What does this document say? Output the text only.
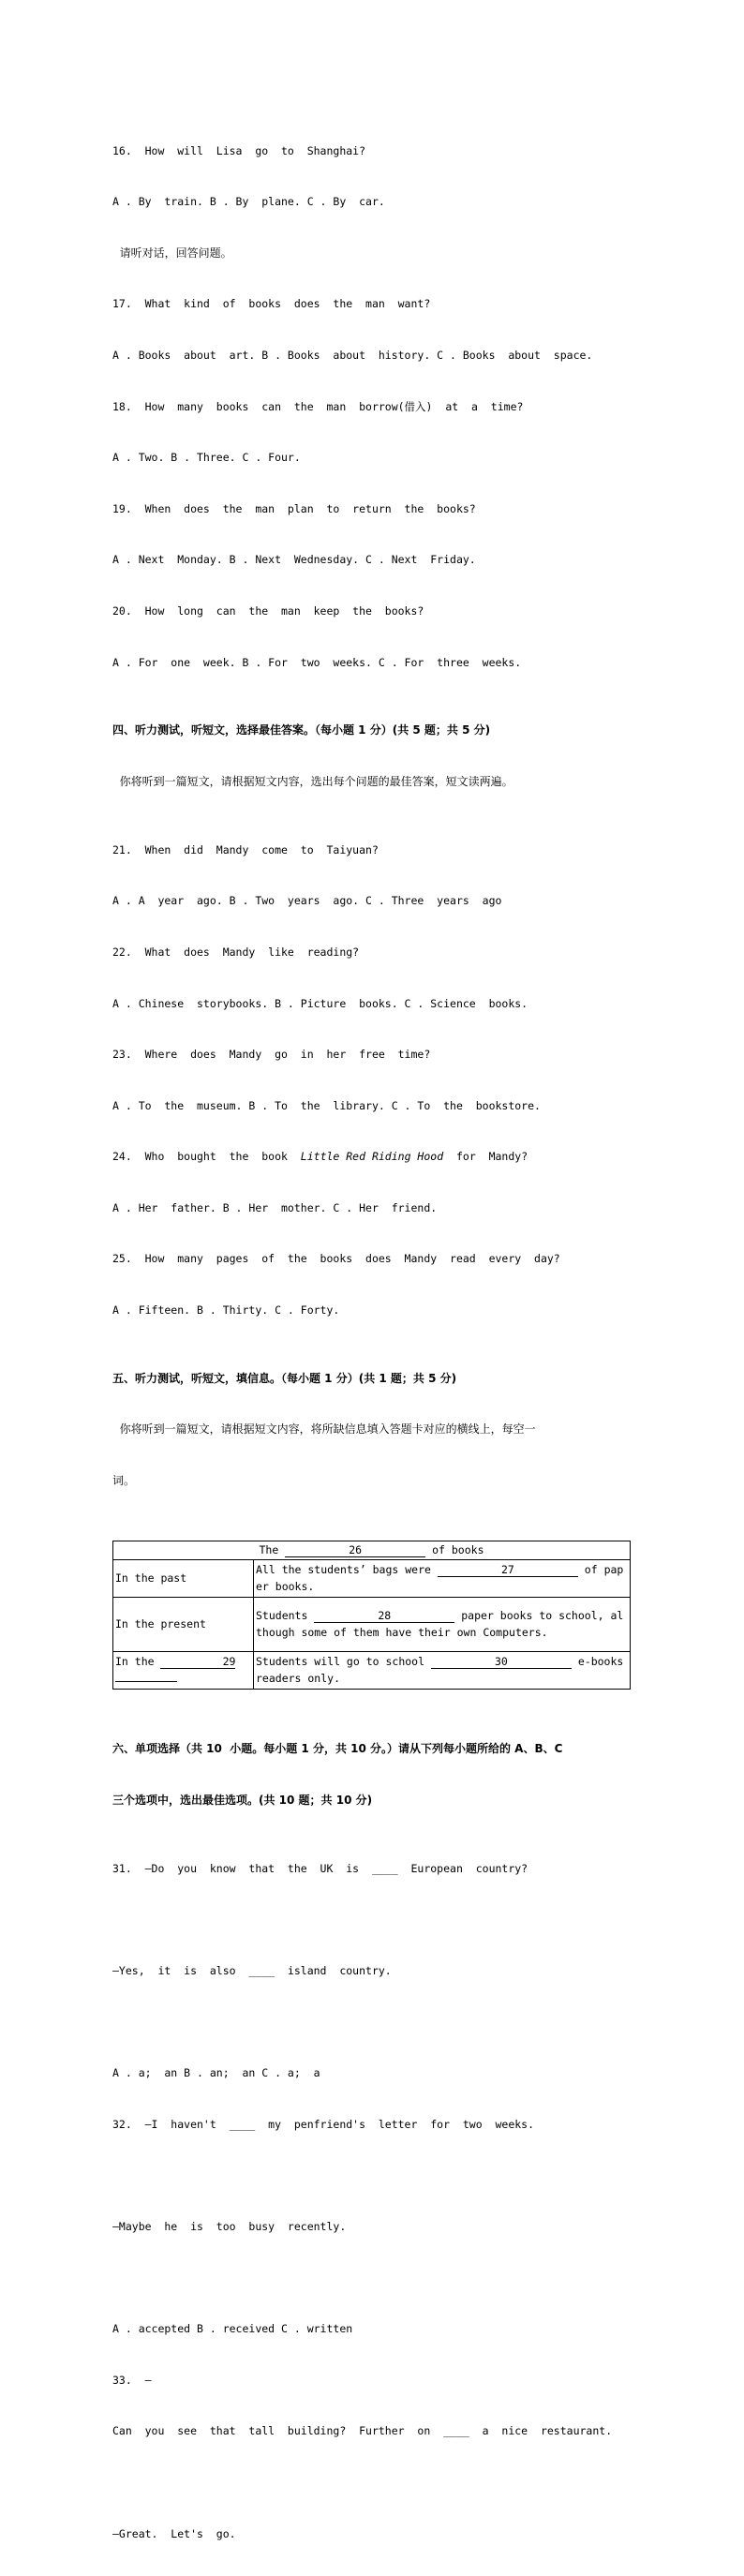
16.  How  will  Lisa  go  to  Shanghai?

A . By  train. B . By  plane. C . By  car.

请听对话，回答问题。

17.  What  kind  of  books  does  the  man  want?

A . Books  about  art. B . Books  about  history. C . Books  about  space.

18.  How  many  books  can  the  man  borrow(借入)  at  a  time?

A . Two. B . Three. C . Four.

19.  When  does  the  man  plan  to  return  the  books?

A . Next  Monday. B . Next  Wednesday. C . Next  Friday.

20.  How  long  can  the  man  keep  the  books?

A . For  one  week. B . For  two  weeks. C . For  three  weeks.

四、听力测试，听短文，选择最佳答案。（每小题 1 分）(共 5 题；共 5 分)

你将听到一篇短文，请根据短文内容，选出每个问题的最佳答案，短文读两遍。

21.  When  did  Mandy  come  to  Taiyuan?

A . A  year  ago. B . Two  years  ago. C . Three  years  ago

22.  What  does  Mandy  like  reading?

A . Chinese  storybooks. B . Picture  books. C . Science  books.

23.  Where  does  Mandy  go  in  her  free  time?

A . To  the  museum. B . To  the  library. C . To  the  bookstore.

24.  Who  bought  the  book  Little Red Riding Hood  for  Mandy?

A . Her  father. B . Her  mother. C . Her  friend.

25.  How  many  pages  of  the  books  does  Mandy  read  every  day?

A . Fifteen. B . Thirty. C . Forty.

五、听力测试，听短文，填信息。（每小题 1 分）(共 1 题；共 5 分)

你将听到一篇短文，请根据短文内容，将所缺信息填入答题卡对应的横线上，每空一

词。

The 26 of books	
In the past	All the students’ bags were 27 of paper books.
In the present	Students 28 paper books to school, although some of them have their own Computers.
In the 29	Students will go to school 30 e-books readers only.

六、单项选择（共 10  小题。每小题 1 分，共 10 分。）请从下列每小题所给的 A、B、C

三个选项中，选出最佳选项。(共 10 题；共 10 分)

31.  —Do  you  know  that  the  UK  is  ____  European  country?

—Yes,  it  is  also  ____  island  country.

A . a;  an B . an;  an C . a;  a

32.  —I  haven't  ____  my  penfriend's  letter  for  two  weeks.

—Maybe  he  is  too  busy  recently.

A . accepted B . received C . written

33.  —

Can  you  see  that  tall  building?  Further  on  ____  a  nice  restaurant.

—Great.  Let's  go.
